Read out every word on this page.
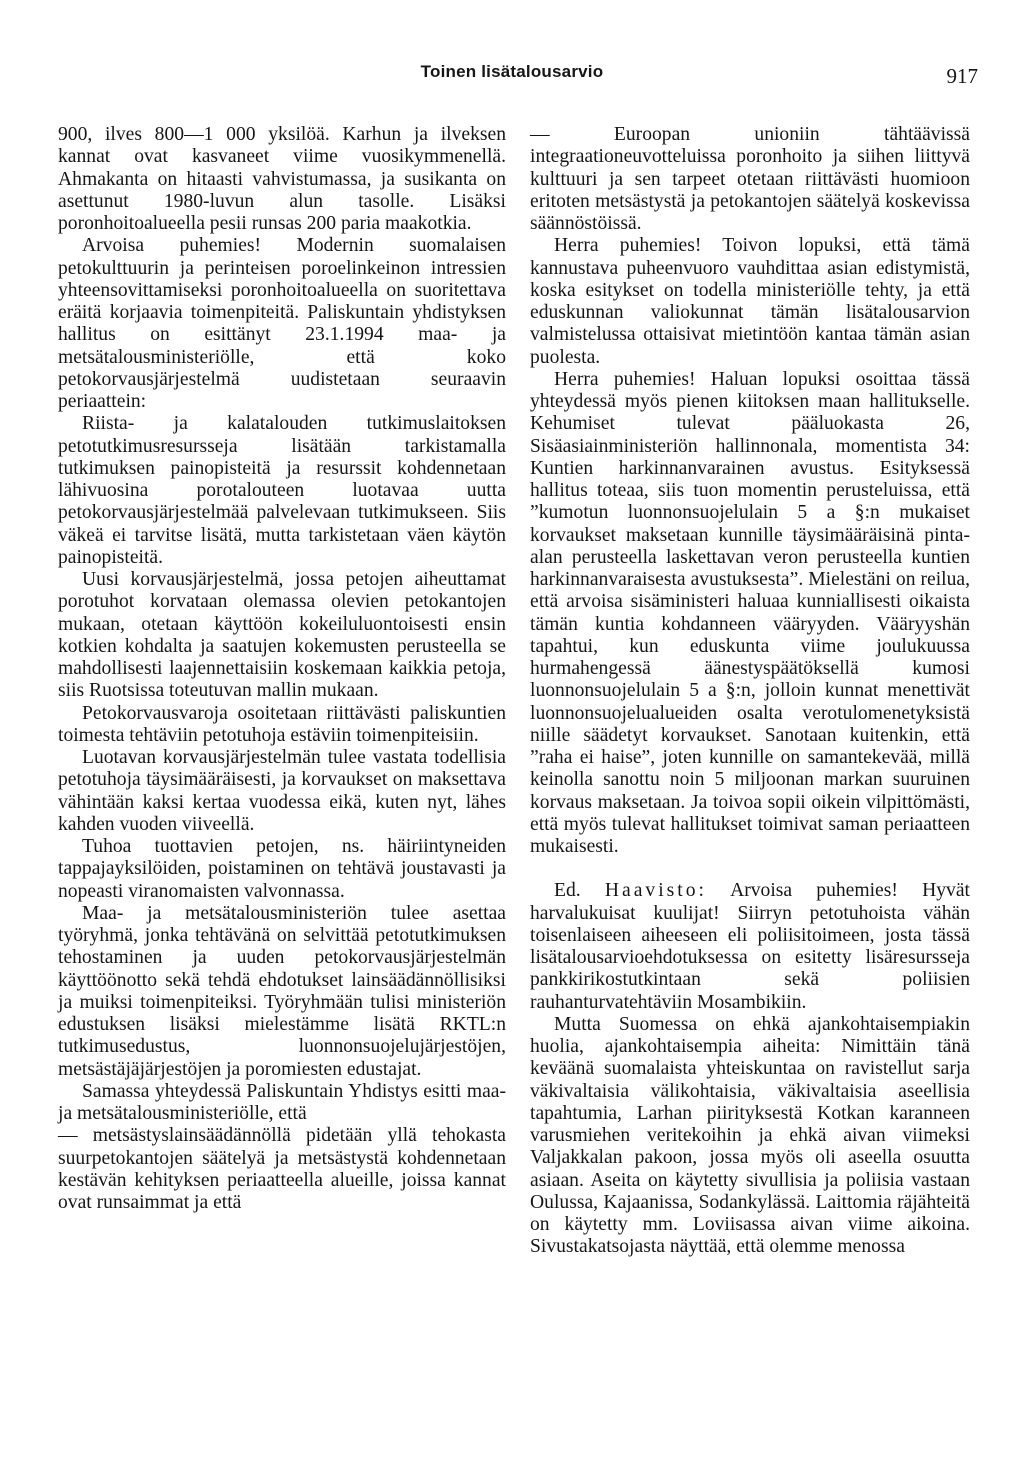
Toinen lisätalousarvio	917

900, ilves 800—1 000 yksilöä. Karhun ja ilveksen kannat ovat kasvaneet viime vuosikymmenellä. Ahmakanta on hitaasti vahvistumassa, ja susikanta on asettunut 1980-luvun alun tasolle. Lisäksi poronhoitoalueella pesii runsas 200 paria maakotkia.

Arvoisa puhemies! Modernin suomalaisen petokulttuurin ja perinteisen poroelinkeinon intressien yhteensovittamiseksi poronhoitoalueella on suoritettava eräitä korjaavia toimenpiteitä. Paliskuntain yhdistyksen hallitus on esittänyt 23.1.1994 maa- ja metsätalousministeriölle, että koko petokorvausjärjestelmä uudistetaan seuraavin periaattein:

Riista- ja kalatalouden tutkimuslaitoksen petotutkimusresursseja lisätään tarkistamalla tutkimuksen painopisteitä ja resurssit kohdennetaan lähivuosina porotalouteen luotavaa uutta petokorvausjärjestelmää palvelevaan tutkimukseen. Siis väkeä ei tarvitse lisätä, mutta tarkistetaan väen käytön painopisteitä.

Uusi korvausjärjestelmä, jossa petojen aiheuttamat porotuhot korvataan olemassa olevien petokantojen mukaan, otetaan käyttöön kokeiluluontoisesti ensin kotkien kohdalta ja saatujen kokemusten perusteella se mahdollisesti laajennettaisiin koskemaan kaikkia petoja, siis Ruotsissa toteutuvan mallin mukaan.

Petokorvausvaroja osoitetaan riittävästi paliskuntien toimesta tehtäviin petotuhoja estäviin toimenpiteisiin.

Luotavan korvausjärjestelmän tulee vastata todellisia petotuhoja täysimääräisesti, ja korvaukset on maksettava vähintään kaksi kertaa vuodessa eikä, kuten nyt, lähes kahden vuoden viiveellä.

Tuhoa tuottavien petojen, ns. häiriintyneiden tappajayksilöiden, poistaminen on tehtävä joustavasti ja nopeasti viranomaisten valvonnassa.

Maa- ja metsätalousministeriön tulee asettaa työryhmä, jonka tehtävänä on selvittää petotutkimuksen tehostaminen ja uuden petokorvausjärjestelmän käyttöönotto sekä tehdä ehdotukset lainsäädännöllisiksi ja muiksi toimenpiteiksi. Työryhmään tulisi ministeriön edustuksen lisäksi mielestämme lisätä RKTL:n tutkimusedustus, luonnonsuojelujärjestöjen, metsästäjäjärjestöjen ja poromiesten edustajat.

Samassa yhteydessä Paliskuntain Yhdistys esitti maa- ja metsätalousministeriölle, että

— metsästyslainsäädännöllä pidetään yllä tehokasta suurpetokantojen säätelyä ja metsästystä kohdennetaan kestävän kehityksen periaatteella alueille, joissa kannat ovat runsaimmat ja että

— Euroopan unioniin tähtäävissä integraationeuvotteluissa poronhoito ja siihen liittyvä kulttuuri ja sen tarpeet otetaan riittävästi huomioon eritoten metsästystä ja petokantojen säätelyä koskevissa säännöstöissä.

Herra puhemies! Toivon lopuksi, että tämä kannustava puheenvuoro vauhdittaa asian edistymistä, koska esitykset on todella ministeriölle tehty, ja että eduskunnan valiokunnat tämän lisätalousarvion valmistelussa ottaisivat mietintöön kantaa tämän asian puolesta.

Herra puhemies! Haluan lopuksi osoittaa tässä yhteydessä myös pienen kiitoksen maan hallitukselle. Kehumiset tulevat pääluokasta 26, Sisäasiainministeriön hallinnonala, momentista 34: Kuntien harkinnanvarainen avustus. Esityksessä hallitus toteaa, siis tuon momentin perusteluissa, että ”kumotun luonnonsuojelulain 5 a §:n mukaiset korvaukset maksetaan kunnille täysimääräisinä pinta-alan perusteella laskettavan veron perusteella kuntien harkinnanvaraisesta avustuksesta”. Mielestäni on reilua, että arvoisa sisäministeri haluaa kunniallisesti oikaista tämän kuntia kohdanneen vääryyden. Vääryyshän tapahtui, kun eduskunta viime joulukuussa hurmahengessä äänestyspäätöksellä kumosi luonnonsuojelulain 5 a §:n, jolloin kunnat menettivät luonnonsuojelualueiden osalta verotulomenetyksistä niille säädetyt korvaukset. Sanotaan kuitenkin, että ”raha ei haise”, joten kunnille on samantekevää, millä keinolla sanottu noin 5 miljoonan markan suuruinen korvaus maksetaan. Ja toivoa sopii oikein vilpittömästi, että myös tulevat hallitukset toimivat saman periaatteen mukaisesti.

Ed. Haavisto: Arvoisa puhemies! Hyvät harvalukuisat kuulijat! Siirryn petotuhoista vähän toisenlaiseen aiheeseen eli poliisitoimeen, josta tässä lisätalousarvioehdotuksessa on esitetty lisäresursseja pankkirikostutkintaan sekä poliisien rauhanturvatehtäviin Mosambikiin.

Mutta Suomessa on ehkä ajankohtaisempiakin huolia, ajankohtaisempia aiheita: Nimittäin tänä keväänä suomalaista yhteiskuntaa on ravistellut sarja väkivaltaisia välikohtaisia, väkivaltaisia aseellisia tapahtumia, Larhan piirityksestä Kotkan karanneen varusmiehen veritekoihin ja ehkä aivan viimeksi Valjakkalan pakoon, jossa myös oli aseella osuutta asiaan. Aseita on käytetty sivullisia ja poliisia vastaan Oulussa, Kajaanissa, Sodankylässä. Laittomia räjähteitä on käytetty mm. Loviisassa aivan viime aikoina. Sivustakatsojasta näyttää, että olemme menossa
